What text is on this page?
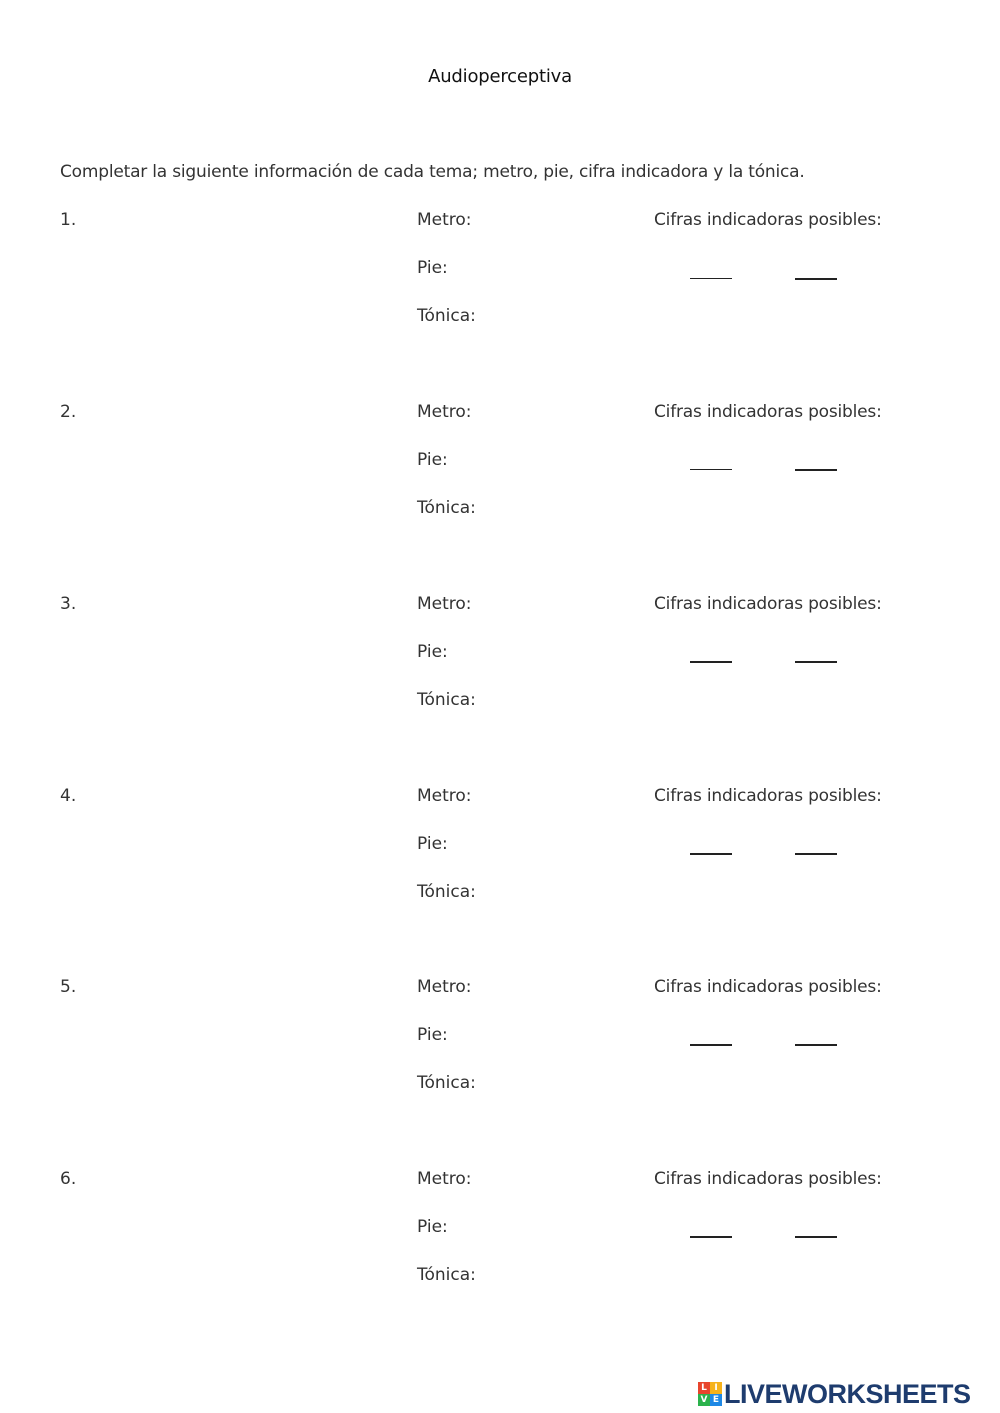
Audioperceptiva
Completar la siguiente información de cada tema; metro, pie, cifra indicadora y la tónica.
1.	Metro:
Pie:
Tónica:
Cifras indicadoras posibles:
2.	Metro:
Pie:
Tónica:
Cifras indicadoras posibles:
3.	Metro:
Pie:
Tónica:
Cifras indicadoras posibles:
4.	Metro:
Pie:
Tónica:
Cifras indicadoras posibles:
5.	Metro:
Pie:
Tónica:
Cifras indicadoras posibles:
6.	Metro:
Pie:
Tónica:
Cifras indicadoras posibles:
L I
V E LIVEWORKSHEETS
